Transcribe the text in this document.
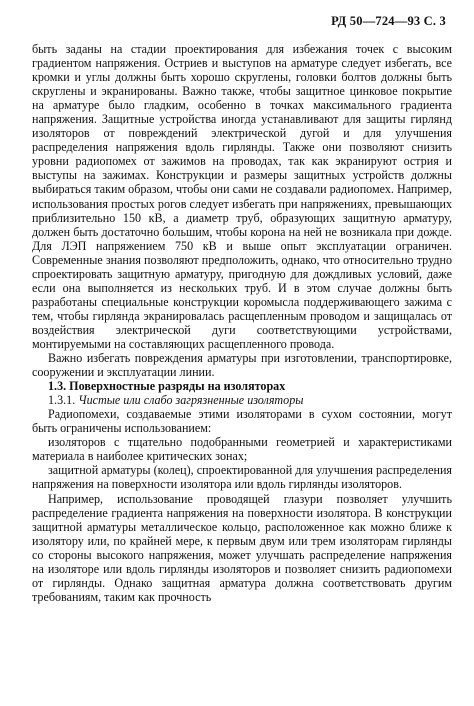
РД 50—724—93 С. 3

быть заданы на стадии проектирования для избежания точек с высоким градиентом напряжения. Остриев и выступов на арматуре следует избегать, все кромки и углы должны быть хорошо скруглены, головки болтов должны быть скруглены и экранированы. Важно также, чтобы защитное цинковое покрытие на арматуре было гладким, особенно в точках максимального градиента напряжения. Защитные устройства иногда устанавливают для защиты гирлянд изоляторов от повреждений электрической дугой и для улучшения распределения напряжения вдоль гирлянды. Также они позволяют снизить уровни радиопомех от зажимов на проводах, так как экранируют острия и выступы на зажимах. Конструкции и размеры защитных устройств должны выбираться таким образом, чтобы они сами не создавали радиопомех. Например, использования простых рогов следует избегать при напряжениях, превышающих приблизительно 150 кВ, а диаметр труб, образующих защитную арматуру, должен быть достаточно большим, чтобы корона на ней не возникала при дожде. Для ЛЭП напряжением 750 кВ и выше опыт эксплуатации ограничен. Современные знания позволяют предположить, однако, что относительно трудно спроектировать защитную арматуру, пригодную для дождливых условий, даже если она выполняется из нескольких труб. И в этом случае должны быть разработаны специальные конструкции коромысла поддерживающего зажима с тем, чтобы гирлянда экранировалась расщепленным проводом и защищалась от воздействия электрической дуги соответствующими устройствами, монтируемыми на составляющих расщепленного провода.

Важно избегать повреждения арматуры при изготовлении, транспортировке, сооружении и эксплуатации линии.

1.3. Поверхностные разряды на изоляторах

1.3.1. Чистые или слабо загрязненные изоляторы

Радиопомехи, создаваемые этими изоляторами в сухом состоянии, могут быть ограничены использованием:

изоляторов с тщательно подобранными геометрией и характеристиками материала в наиболее критических зонах;

защитной арматуры (колец), спроектированной для улучшения распределения напряжения на поверхности изолятора или вдоль гирлянды изоляторов.

Например, использование проводящей глазури позволяет улучшить распределение градиента напряжения на поверхности изолятора. В конструкции защитной арматуры металлическое кольцо, расположенное как можно ближе к изолятору или, по крайней мере, к первым двум или трем изоляторам гирлянды со стороны высокого напряжения, может улучшать распределение напряжения на изоляторе или вдоль гирлянды изоляторов и позволяет снизить радиопомехи от гирлянды. Однако защитная арматура должна соответствовать другим требованиям, таким как прочность
